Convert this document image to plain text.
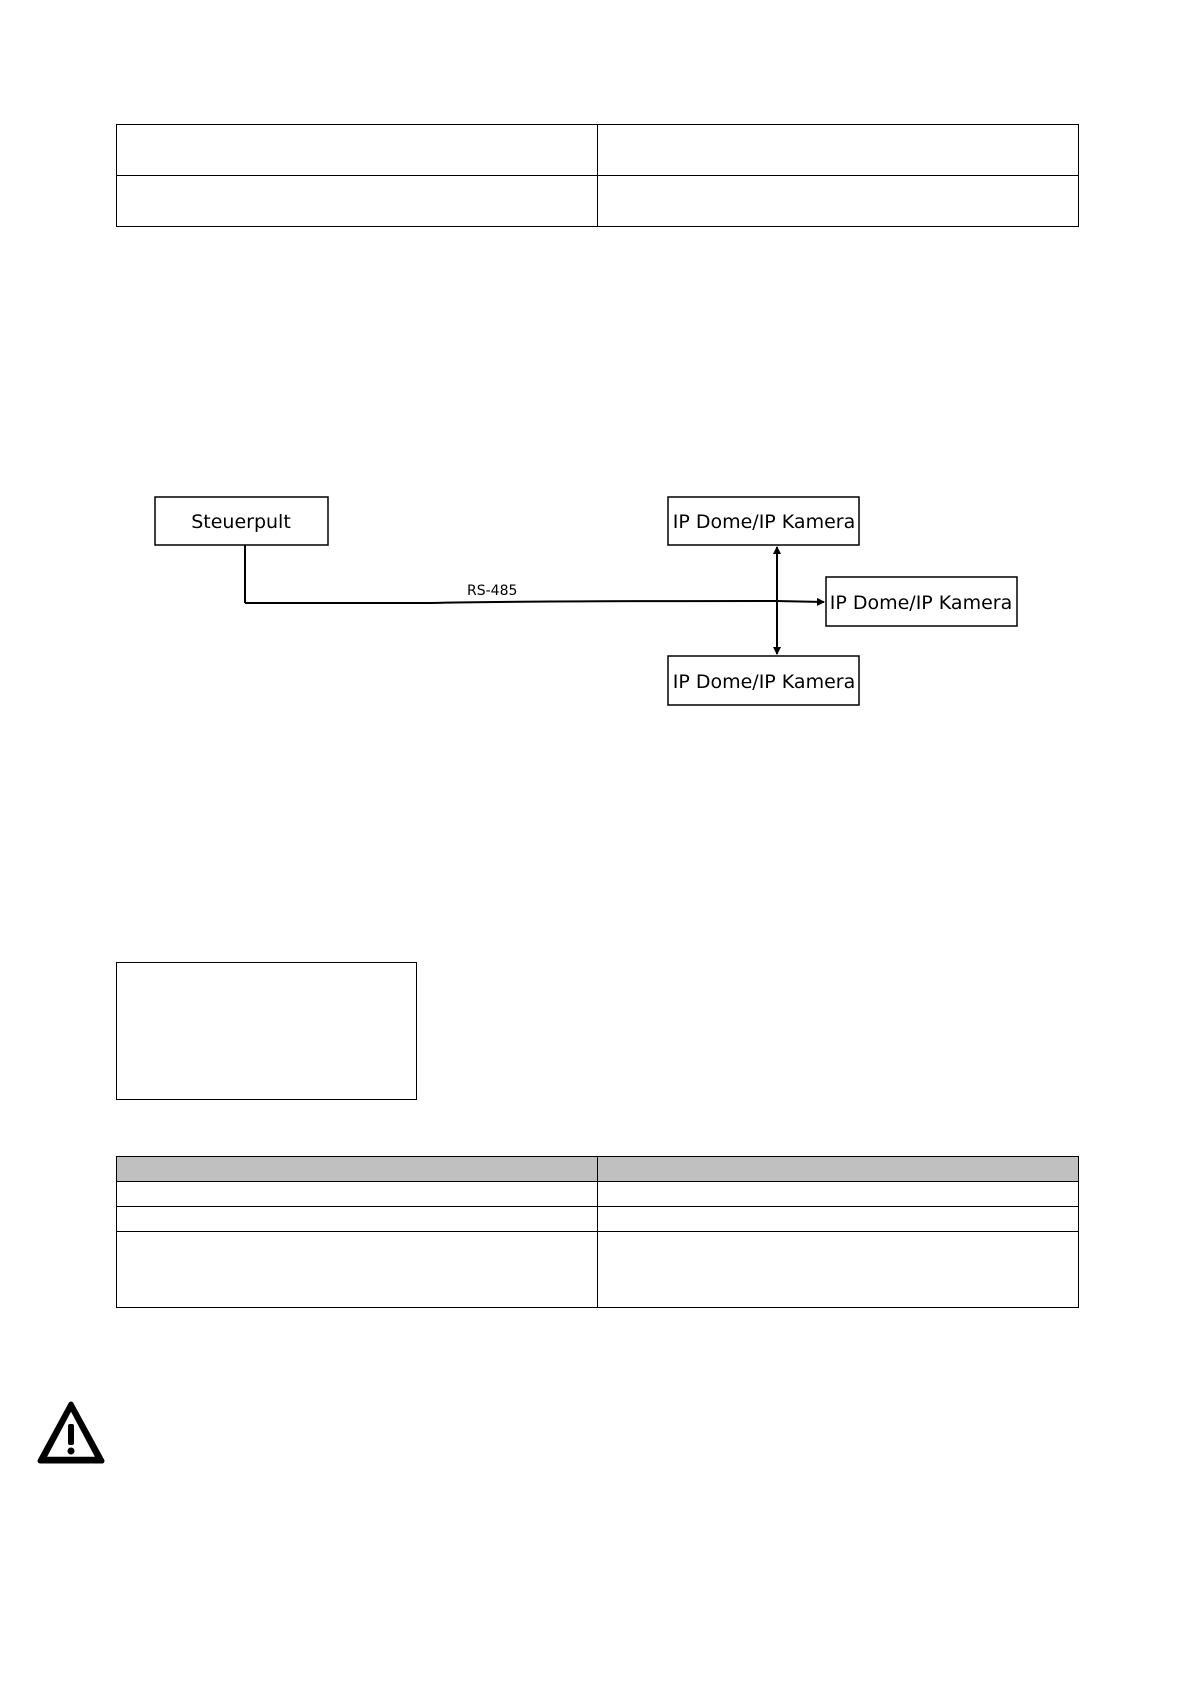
Steuerpult	IP Dome/IP Kamera
IP Dome/IP Kamera
IP Dome/IP Kamera
RS-485
